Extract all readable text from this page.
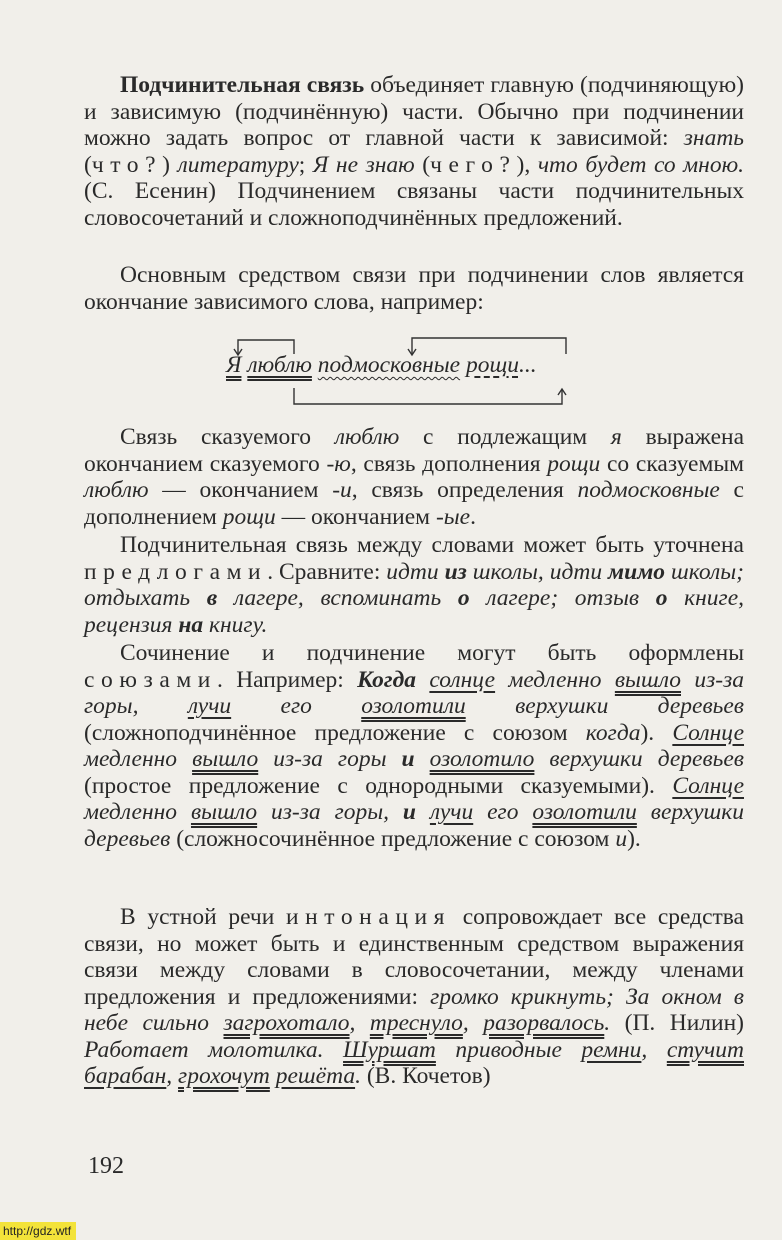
Подчинительная связь объединяет главную (подчиняющую) и зависимую (подчинённую) части. Обычно при подчинении можно задать вопрос от главной части к зависимой: знать (что?) литературу; Я не знаю (чего?), что будет со мною. (С. Есенин) Подчинением связаны части подчинительных словосочетаний и сложноподчинённых предложений.
Основным средством связи при подчинении слов является окончание зависимого слова, например:
Я люблю подмосковные рощи...
Связь сказуемого люблю с подлежащим я выражена окончанием сказуемого -ю, связь дополнения рощи со сказуемым люблю — окончанием -и, связь определения подмосковные с дополнением рощи — окончанием -ые.
Подчинительная связь между словами может быть уточнена предлогами. Сравните: идти из школы, идти мимо школы; отдыхать в лагере, вспоминать о лагере; отзыв о книге, рецензия на книгу.
Сочинение и подчинение могут быть оформлены союзами. Например: Когда солнце медленно вышло из-за горы, лучи его озолотили верхушки деревьев (сложноподчинённое предложение с союзом когда). Солнце медленно вышло из-за горы и озолотило верхушки деревьев (простое предложение с однородными сказуемыми). Солнце медленно вышло из-за горы, и лучи его озолотили верхушки деревьев (сложносочинённое предложение с союзом и).
В устной речи интонация сопровождает все средства связи, но может быть и единственным средством выражения связи между словами в словосочетании, между членами предложения и предложениями: громко крикнуть; За окном в небе сильно загрохотало, треснуло, разорвалось. (П. Нилин) Работает молотилка. Шуршат приводные ремни, стучит барабан, грохочут решёта. (В. Кочетов)
192
http://gdz.wtf
